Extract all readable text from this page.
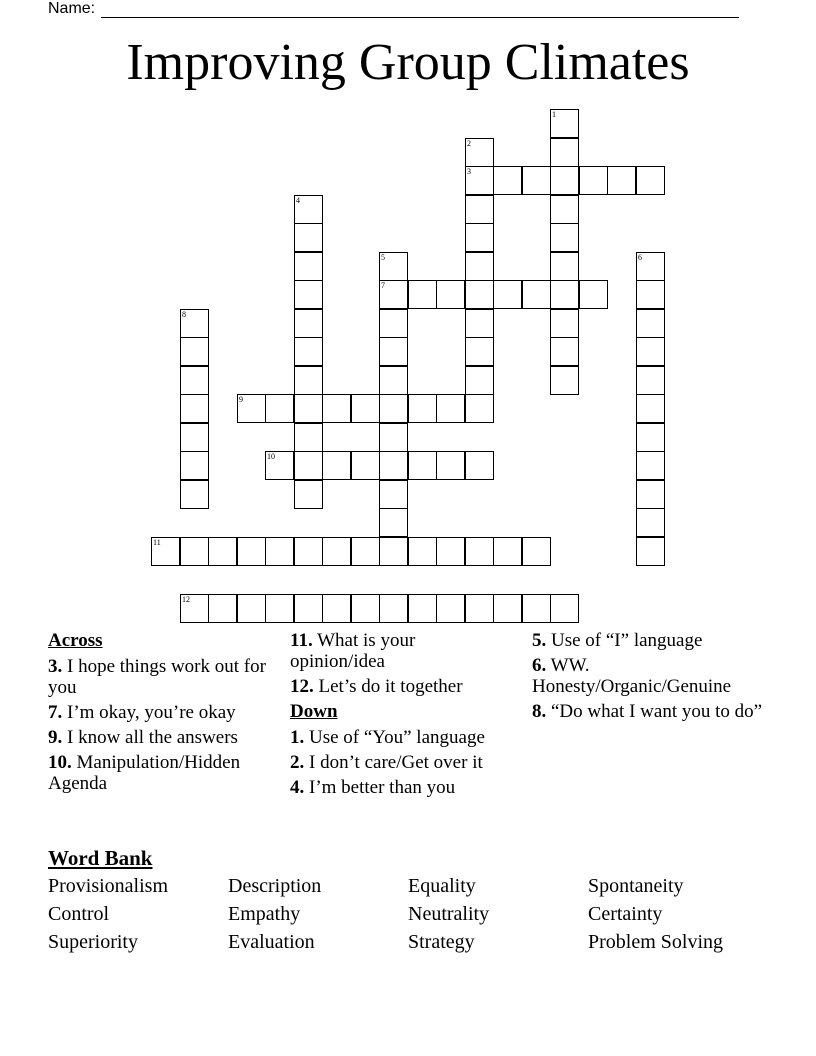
Name:
Improving Group Climates
3
7
9
10
11
12
1
2
4
5	6
8
Across
3. I hope things work out for you
7. I’m okay, you’re okay
9. I know all the answers
10. Manipulation/Hidden Agenda
11. What is your opinion/idea
12. Let’s do it together
Down
1. Use of “You” language
2. I don’t care/Get over it
4. I’m better than you
5. Use of “I” language
6. WW. Honesty/Organic/Genuine
8. “Do what I want you to do”
Word Bank
Provisionalism	Description	Equality	Spontaneity
Control	Empathy	Neutrality	Certainty
Superiority	Evaluation	Strategy	Problem Solving
